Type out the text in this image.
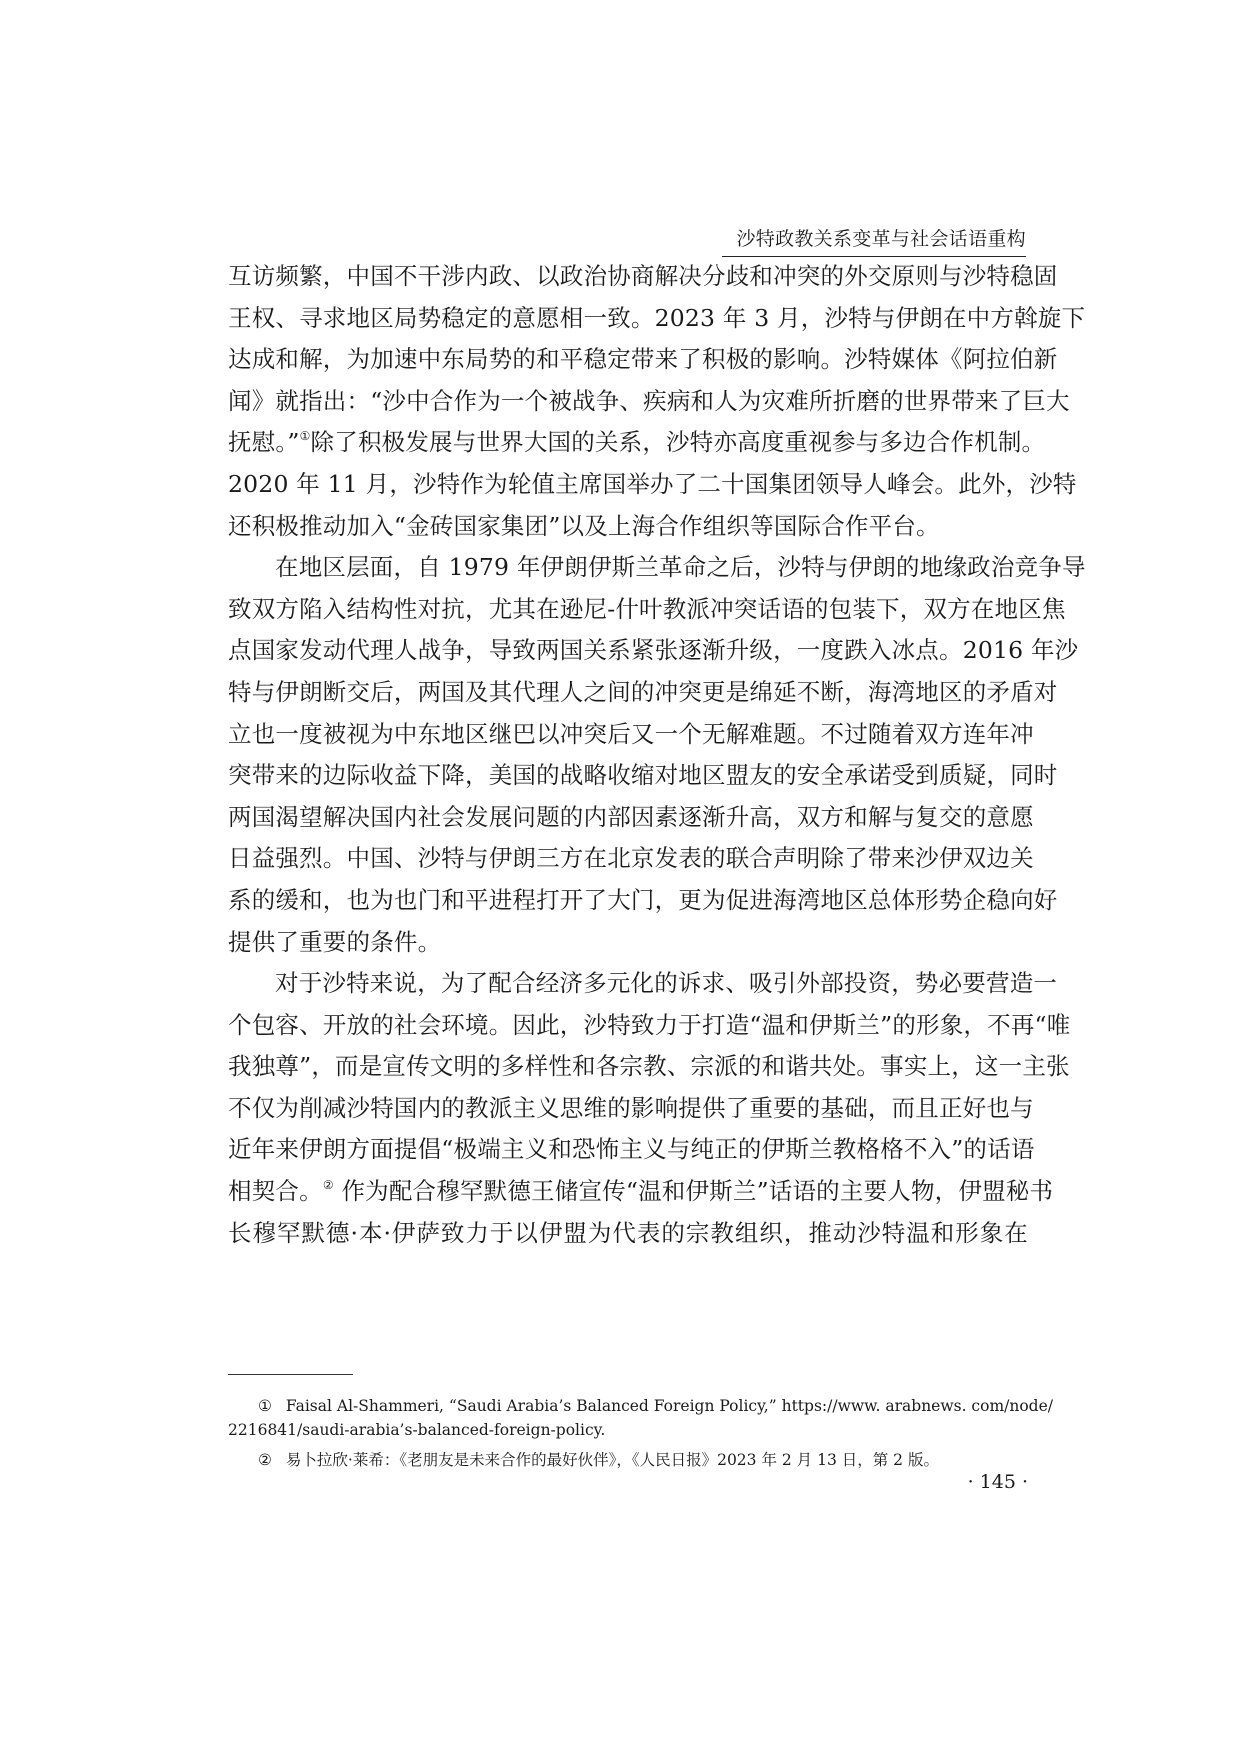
沙特政教关系变革与社会话语重构

互访频繁，中国不干涉内政、以政治协商解决分歧和冲突的外交原则与沙特稳固
王权、寻求地区局势稳定的意愿相一致。2023 年 3 月，沙特与伊朗在中方斡旋下
达成和解，为加速中东局势的和平稳定带来了积极的影响。沙特媒体《阿拉伯新
闻》就指出：“沙中合作为一个被战争、疾病和人为灾难所折磨的世界带来了巨大
抚慰。”①除了积极发展与世界大国的关系，沙特亦高度重视参与多边合作机制。
2020 年 11 月，沙特作为轮值主席国举办了二十国集团领导人峰会。此外，沙特
还积极推动加入“金砖国家集团”以及上海合作组织等国际合作平台。

在地区层面，自 1979 年伊朗伊斯兰革命之后，沙特与伊朗的地缘政治竞争导
致双方陷入结构性对抗，尤其在逊尼-什叶教派冲突话语的包装下，双方在地区焦
点国家发动代理人战争，导致两国关系紧张逐渐升级，一度跌入冰点。2016 年沙
特与伊朗断交后，两国及其代理人之间的冲突更是绵延不断，海湾地区的矛盾对
立也一度被视为中东地区继巴以冲突后又一个无解难题。不过随着双方连年冲
突带来的边际收益下降，美国的战略收缩对地区盟友的安全承诺受到质疑，同时
两国渴望解决国内社会发展问题的内部因素逐渐升高，双方和解与复交的意愿
日益强烈。中国、沙特与伊朗三方在北京发表的联合声明除了带来沙伊双边关
系的缓和，也为也门和平进程打开了大门，更为促进海湾地区总体形势企稳向好
提供了重要的条件。

对于沙特来说，为了配合经济多元化的诉求、吸引外部投资，势必要营造一
个包容、开放的社会环境。因此，沙特致力于打造“温和伊斯兰”的形象，不再“唯
我独尊”，而是宣传文明的多样性和各宗教、宗派的和谐共处。事实上，这一主张
不仅为削减沙特国内的教派主义思维的影响提供了重要的基础，而且正好也与
近年来伊朗方面提倡“极端主义和恐怖主义与纯正的伊斯兰教格格不入”的话语
相契合。② 作为配合穆罕默德王储宣传“温和伊斯兰”话语的主要人物，伊盟秘书
长穆罕默德·本·伊萨致力于以伊盟为代表的宗教组织，推动沙特温和形象在

① Faisal Al-Shammeri, “Saudi Arabia’s Balanced Foreign Policy,” https://www. arabnews. com/node/
2216841/saudi-arabia’s-balanced-foreign-policy.
② 易卜拉欣·莱希：《老朋友是未来合作的最好伙伴》，《人民日报》2023 年 2 月 13 日，第 2 版。
· 145 ·
